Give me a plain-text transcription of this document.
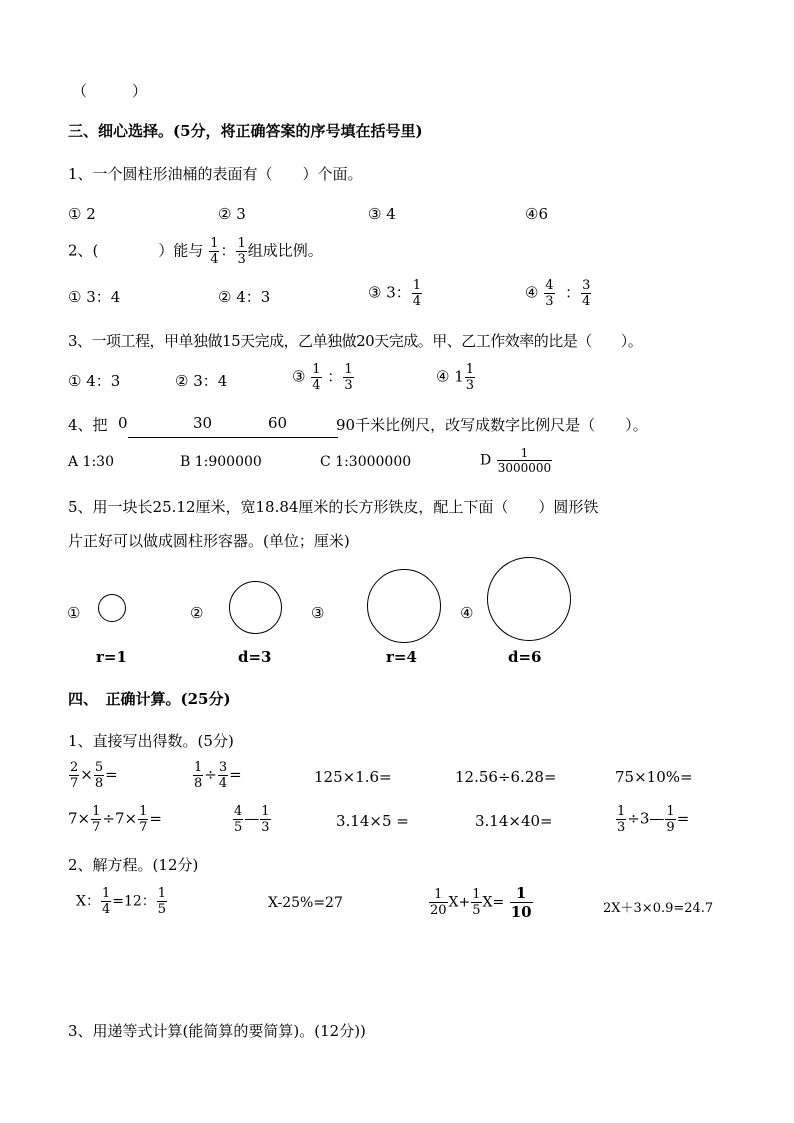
（　　　）
三、细心选择。(5分，将正确答案的序号填在括号里)
1、一个圆柱形油桶的表面有（　　）个面。
① 2	② 3	③ 4	④6
2、(　　　　）能与 $\frac{1}{4}$ ： $\frac{1}{3}$ 组成比例。
① 3：4	② 4：3	③ 3： $\frac{1}{4}$	④ $\frac{4}{3}$ ： $\frac{3}{4}$
3、一项工程，甲单独做15天完成，乙单独做20天完成。甲、乙工作效率的比是（　　）。
① 4：3	② 3：4	③ $\frac{1}{4}$ ： $\frac{1}{3}$	④ $1 \frac{1}{3}$
4、把 0	30	60	90千米比例尺，改写成数字比例尺是（　　）。
A 1:30	B 1:900000	C 1:3000000	D $\frac{1}{3000000}$
5、用一块长25.12厘米，宽18.84厘米的长方形铁皮，配上下面（　　）圆形铁
片正好可以做成圆柱形容器。(单位；厘米)
①
r=1
②
d=3
③
r=4
④
d=6
四、　正确计算。(25分)
1、直接写出得数。(5分)
$\frac{2}{7} \times \frac{5}{8}$ =	$\frac{1}{8} \div \frac{3}{4}$ =	125×1.6=	12.56÷6.28=	75×10%=
$7\times \frac{1}{7} \div 7\times \frac{1}{7}$ =	$\frac{4}{5}$ — $\frac{1}{3}$	3.14×5 =	3.14×40=	$\frac{1}{3}$ ÷3— $\frac{1}{9}$ =
2、解方程。(12分)
X： $\frac{1}{4} =12$： $\frac{1}{5}$	X-25%=27	$\frac{1}{20} X+ \frac{1}{5} X= \frac{1}{10}$	2X＋3×0.9=24.7
3、用递等式计算(能简算的要简算)。(12分))
